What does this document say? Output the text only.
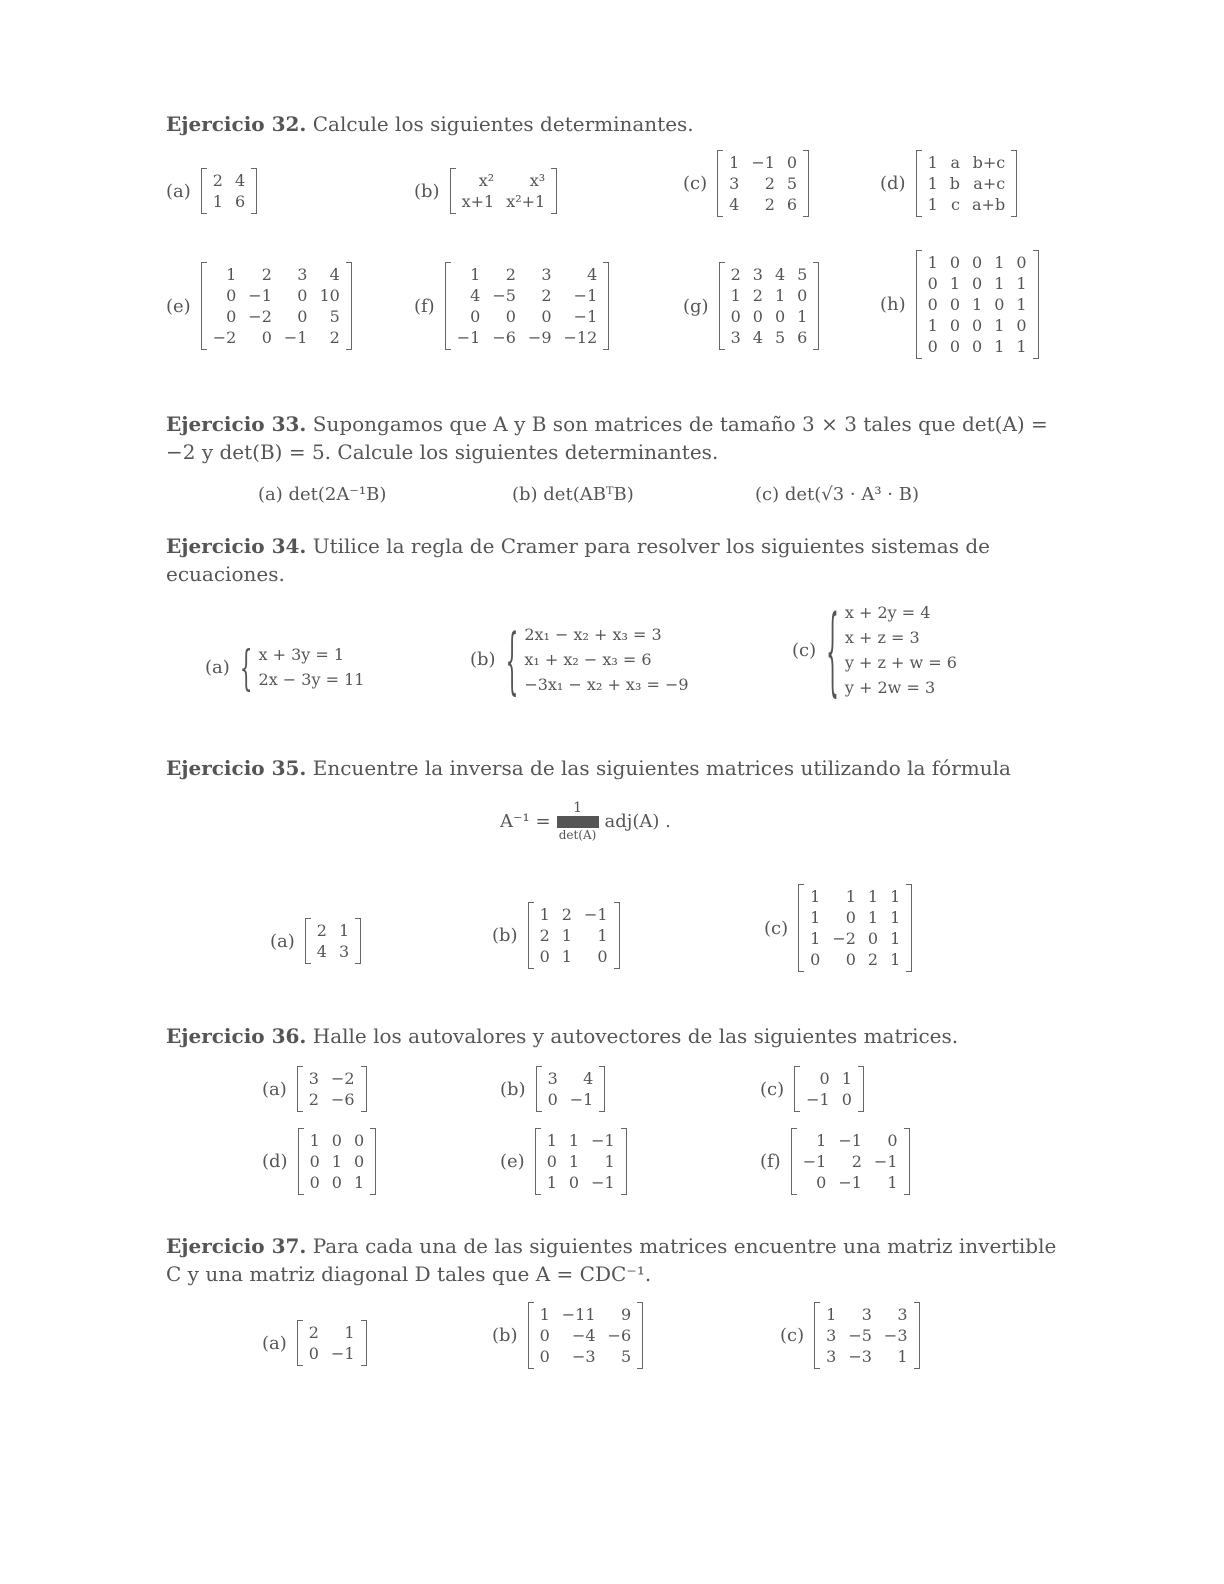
Ejercicio 32. Calcule los siguientes determinantes.
(a) 2 4
1 6	(b)	x²	x³
x+1 x²+1
(c)
1 −1 0
3	2 5
4	2 6
(d)
1 a b+c
1 b a+c
1 c a+b
(e)
1	2	3	4
0 −1	0 10
0 −2	0	5
−2	0 −1	2
(f)
1	2	3	4
4 −5	2	−1
0	0	0	−1
−1 −6 −9 −12
(g)
2 3 4 5
1 2 1 0
0 0 0 1
3 4 5 6
(h)
1 0 0 1 0
0 1 0 1 1
0 0 1 0 1
1 0 0 1 0
0 0 0 1 1
Ejercicio 33. Supongamos que A y B son matrices de tamaño 3 × 3 tales que det(A) = −2 y det(B) = 5. Calcule los siguientes determinantes.
(a) det(2A⁻¹B)	(b) det(ABᵀB)	(c) det(√3 · A³ · B)
Ejercicio 34. Utilice la regla de Cramer para resolver los siguientes sistemas de ecuaciones.
(a) { x + 3y = 1
2x − 3y = 11
(b) { 2x₁ − x₂ + x₃ = 3
x₁ + x₂ − x₃ = 6
−3x₁ − x₂ + x₃ = −9
(c) { x + 2y = 4
x + z = 3
y + z + w = 6
y + 2w = 3
Ejercicio 35. Encuentre la inversa de las siguientes matrices utilizando la fórmula
A⁻¹ =
1
det(A)
adj(A) .
(a) 2 1
4 3
(b)
1 2 −1
2 1	1
0 1	0
(c)
1	1 1 1
1	0 1 1
1 −2 0 1
0	0 2 1
Ejercicio 36. Halle los autovalores y autovectores de las siguientes matrices.
(a) 3 −2
2 −6	(b) 3	4
0 −1	(c)	0 1
−1 0
(d)
1 0 0
0 1 0
0 0 1
(e)
1 1 −1
0 1	1
1 0 −1
(f)
1 −1	0
−1	2 −1
0 −1	1
Ejercicio 37. Para cada una de las siguientes matrices encuentre una matriz invertible C y una matriz diagonal D tales que A = CDC⁻¹.
(a) 2	1
0 −1
(b)
1 −11	9
0	−4 −6
0	−3	5
(c)
1	3	3
3 −5 −3
3 −3	1
